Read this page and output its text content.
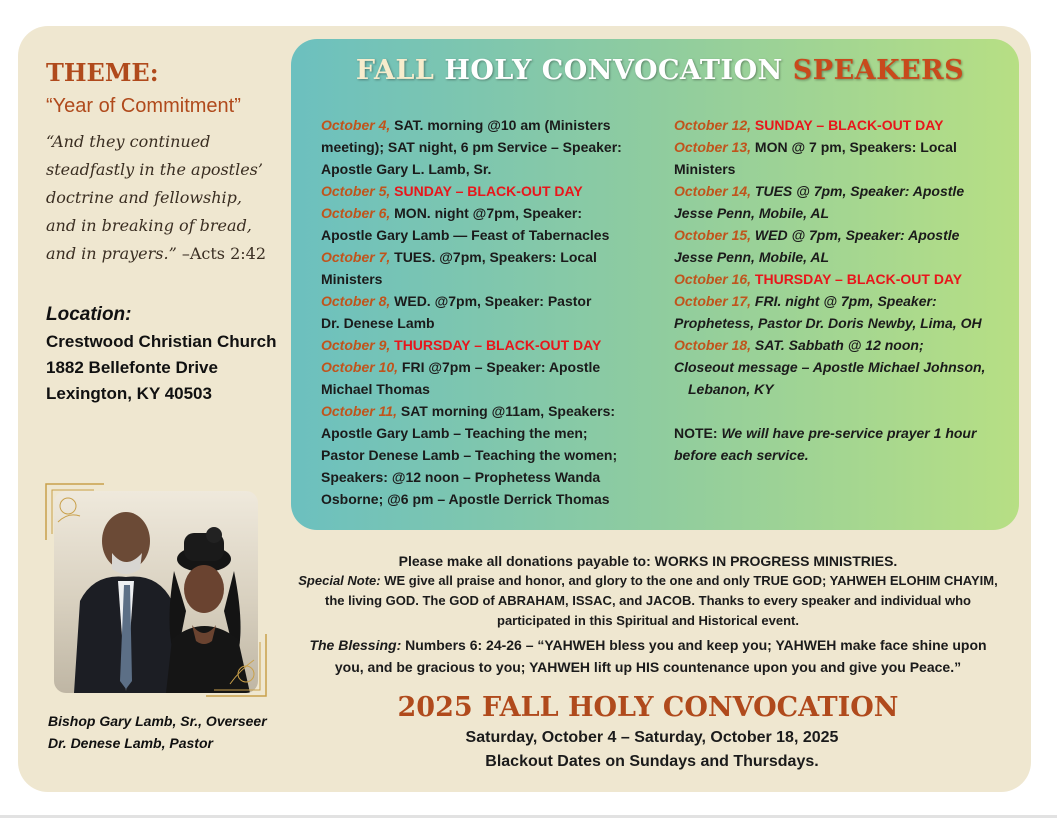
THEME:
“Year of Commitment”
“And they continued
steadfastly in the apostles’
doctrine and fellowship,
and in breaking of bread,
and in prayers.” –Acts 2:42
Location:
Crestwood Christian Church
1882 Bellefonte Drive
Lexington, KY 40503
Bishop Gary Lamb, Sr., Overseer
Dr. Denese Lamb, Pastor
FALL HOLY CONVOCATION SPEAKERS
October 4, SAT. morning @10 am (Ministers
meeting); SAT night, 6 pm Service – Speaker:
Apostle Gary L. Lamb, Sr.
October 5, SUNDAY – BLACK-OUT DAY
October 6, MON. night @7pm, Speaker:
Apostle Gary Lamb — Feast of Tabernacles
October 7, TUES. @7pm, Speakers: Local
Ministers
October 8, WED. @7pm, Speaker: Pastor
Dr. Denese Lamb
October 9, THURSDAY – BLACK-OUT DAY
October 10, FRI @7pm – Speaker: Apostle
Michael Thomas
October 11, SAT morning @11am, Speakers:
Apostle Gary Lamb – Teaching the men;
Pastor Denese Lamb – Teaching the women;
Speakers: @12 noon – Prophetess Wanda
Osborne; @6 pm – Apostle Derrick Thomas
October 12, SUNDAY – BLACK-OUT DAY
October 13, MON @ 7 pm, Speakers: Local
Ministers
October 14, TUES @ 7pm, Speaker: Apostle
Jesse Penn, Mobile, AL
October 15, WED @ 7pm, Speaker: Apostle
Jesse Penn, Mobile, AL
October 16, THURSDAY – BLACK-OUT DAY
October 17, FRI. night @ 7pm, Speaker:
Prophetess, Pastor Dr. Doris Newby, Lima, OH
October 18, SAT. Sabbath @ 12 noon;
Closeout message – Apostle Michael Johnson,
Lebanon, KY

NOTE: We will have pre-service prayer 1 hour
before each service.
Please make all donations payable to: WORKS IN PROGRESS MINISTRIES.
Special Note: WE give all praise and honor, and glory to the one and only TRUE GOD; YAHWEH ELOHIM CHAYIM,
the living GOD. The GOD of ABRAHAM, ISSAC, and JACOB. Thanks to every speaker and individual who
participated in this Spiritual and Historical event.
The Blessing: Numbers 6: 24-26 – “YAHWEH bless you and keep you; YAHWEH make face shine upon
you, and be gracious to you; YAHWEH lift up HIS countenance upon you and give you Peace.”
2025 FALL HOLY CONVOCATION
Saturday, October 4 – Saturday, October 18, 2025
Blackout Dates on Sundays and Thursdays.
